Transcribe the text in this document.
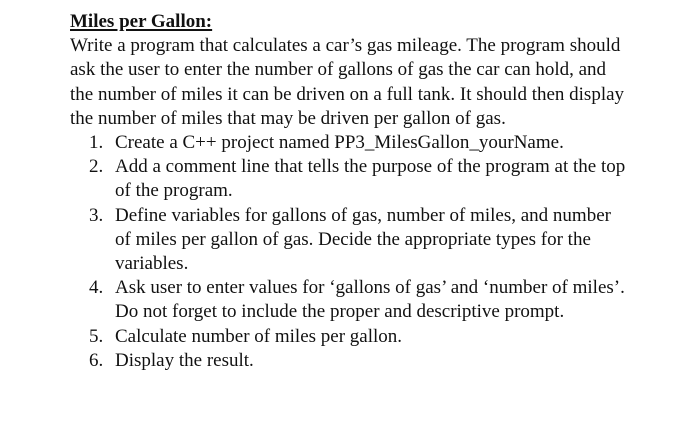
Miles per Gallon:

Write a program that calculates a car’s gas mileage. The program should ask the user to enter the number of gallons of gas the car can hold, and the number of miles it can be driven on a full tank. It should then display the number of miles that may be driven per gallon of gas.

1. Create a C++ project named PP3_MilesGallon_yourName.
2. Add a comment line that tells the purpose of the program at the top of the program.
3. Define variables for gallons of gas, number of miles, and number of miles per gallon of gas. Decide the appropriate types for the variables.
4. Ask user to enter values for ‘gallons of gas’ and ‘number of miles’. Do not forget to include the proper and descriptive prompt.
5. Calculate number of miles per gallon.
6. Display the result.
